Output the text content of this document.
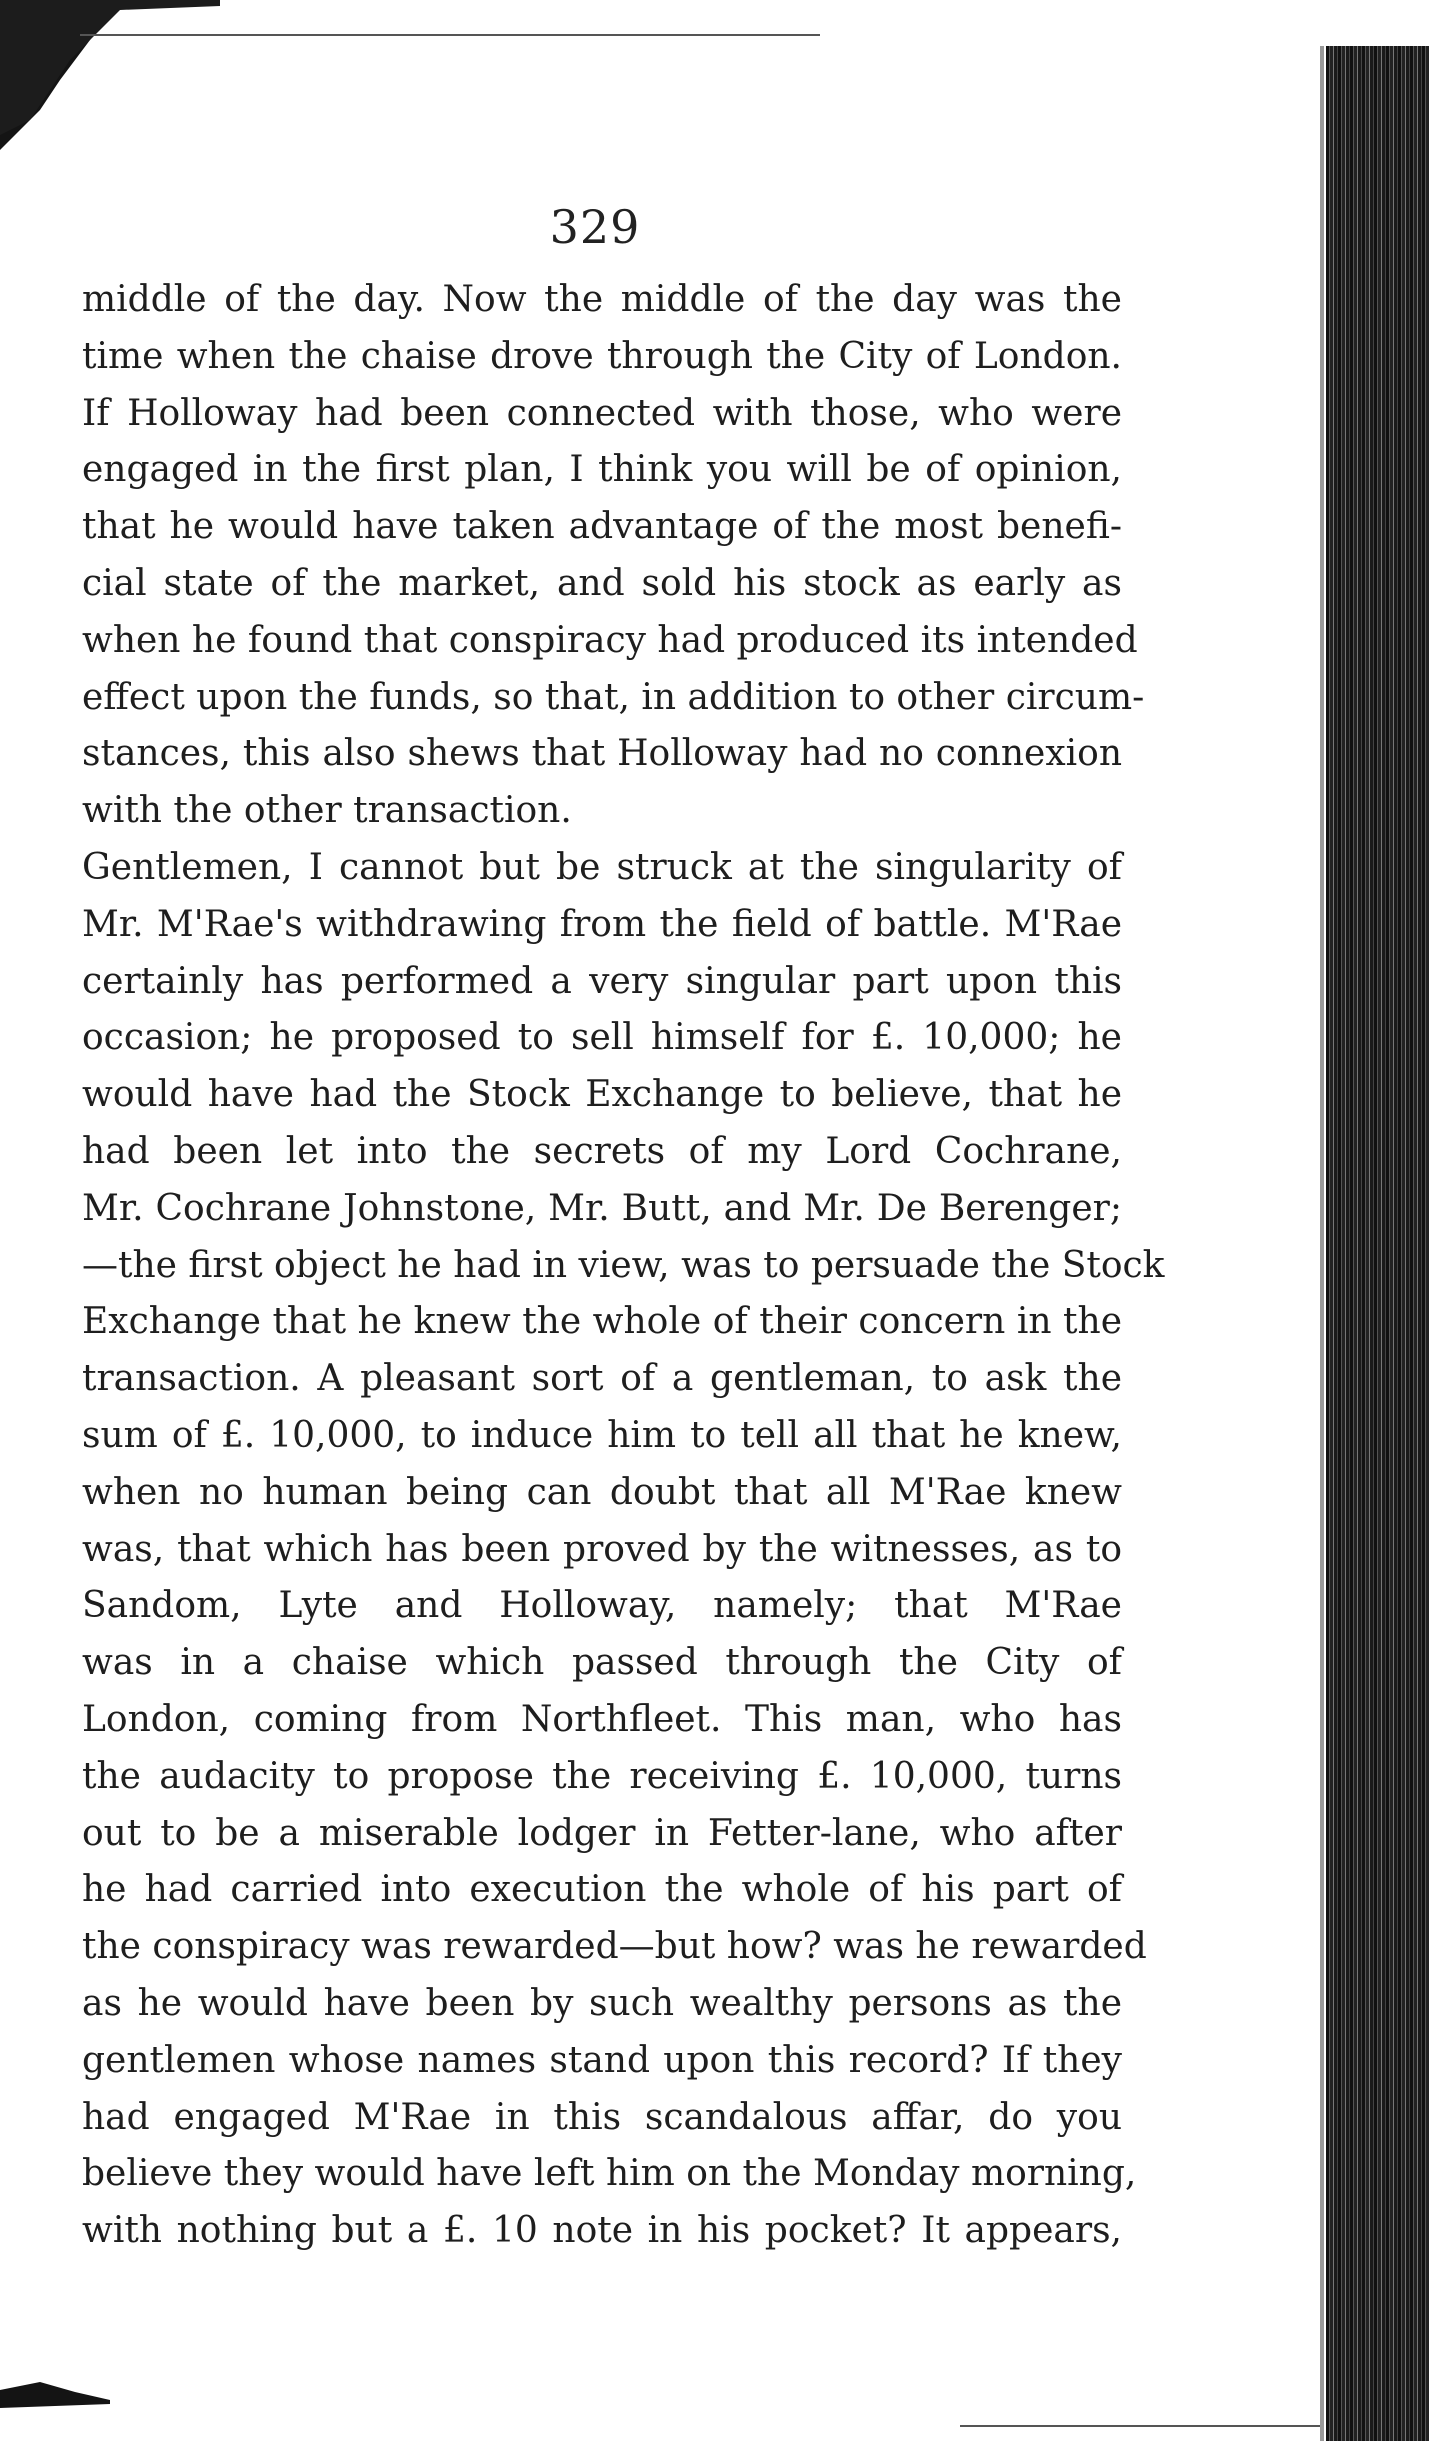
329
middle of the day. Now the middle of the day was the
time when the chaise drove through the City of London.
If Holloway had been connected with those, who were
engaged in the first plan, I think you will be of opinion,
that he would have taken advantage of the most benefi-
cial state of the market, and sold his stock as early as
when he found that conspiracy had produced its intended
effect upon the funds, so that, in addition to other circum-
stances, this also shews that Holloway had no connexion
with the other transaction.
Gentlemen, I cannot but be struck at the singularity of
Mr. M'Rae's withdrawing from the field of battle. M'Rae
certainly has performed a very singular part upon this
occasion; he proposed to sell himself for £. 10,000; he
would have had the Stock Exchange to believe, that he
had been let into the secrets of my Lord Cochrane,
Mr. Cochrane Johnstone, Mr. Butt, and Mr. De Berenger;
—the first object he had in view, was to persuade the Stock
Exchange that he knew the whole of their concern in the
transaction. A pleasant sort of a gentleman, to ask the
sum of £. 10,000, to induce him to tell all that he knew,
when no human being can doubt that all M'Rae knew
was, that which has been proved by the witnesses, as to
Sandom, Lyte and Holloway, namely; that M'Rae
was in a chaise which passed through the City of
London, coming from Northfleet. This man, who has
the audacity to propose the receiving £. 10,000, turns
out to be a miserable lodger in Fetter-lane, who after
he had carried into execution the whole of his part of
the conspiracy was rewarded—but how? was he rewarded
as he would have been by such wealthy persons as the
gentlemen whose names stand upon this record? If they
had engaged M'Rae in this scandalous affar, do you
believe they would have left him on the Monday morning,
with nothing but a £. 10 note in his pocket? It appears,
